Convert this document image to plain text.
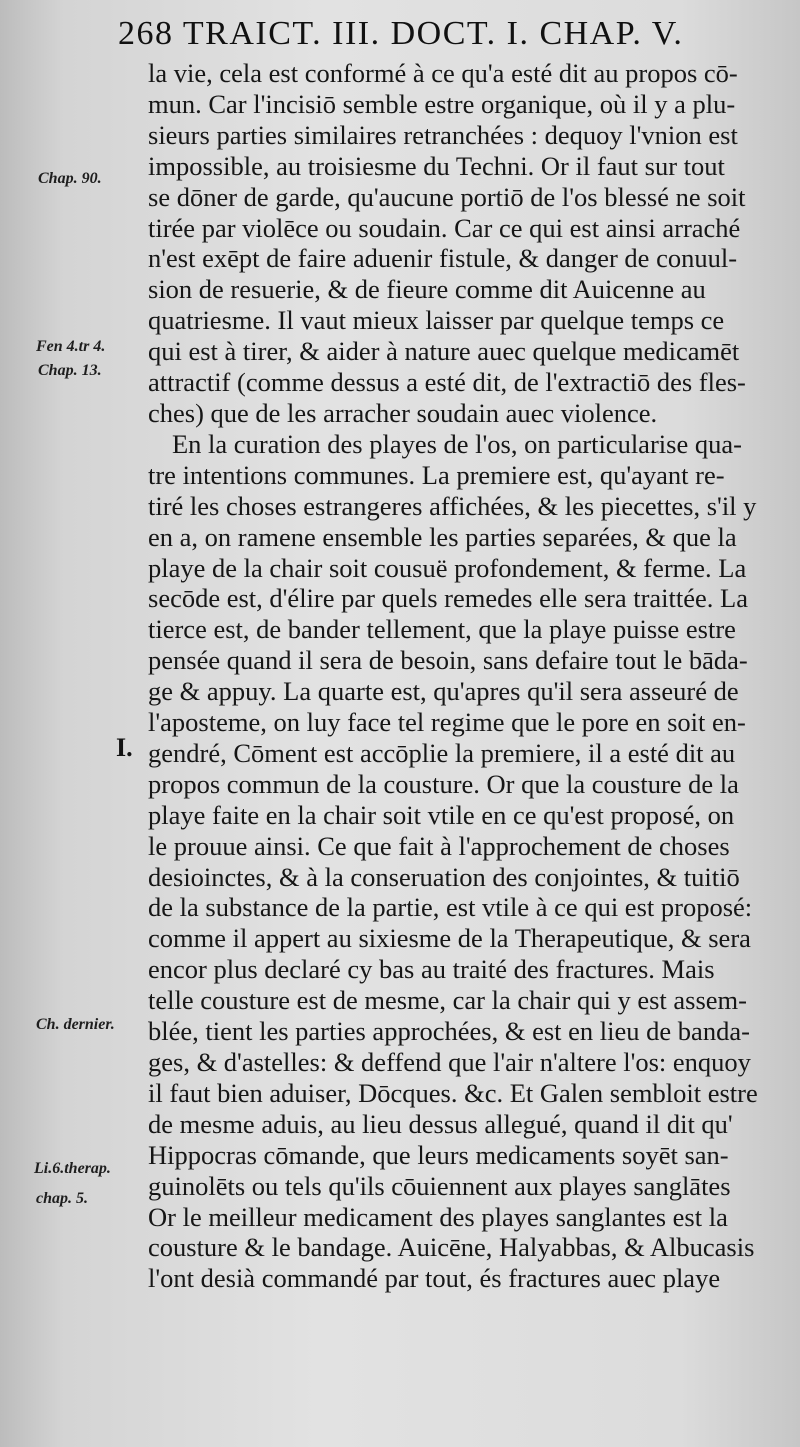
268 TRAICT. III. DOCT. I. CHAP. V.
Chap. 90.
Fen 4.tr 4.
Chap. 13.
Ch. dernier.
Li.6.therap.
chap. 5.
I.
la vie, cela est conformé à ce qu'a esté dit au propos cō-
mun. Car l'incisiō semble estre organique, où il y a plu-
sieurs parties similaires retranchées : dequoy l'vnion est
impossible, au troisiesme du Techni. Or il faut sur tout
se dōner de garde, qu'aucune portiō de l'os blessé ne soit
tirée par violēce ou soudain. Car ce qui est ainsi arraché
n'est exēpt de faire aduenir fistule, & danger de conuul-
sion de resuerie, & de fieure comme dit Auicenne au
quatriesme. Il vaut mieux laisser par quelque temps ce
qui est à tirer, & aider à nature auec quelque medicamēt
attractif (comme dessus a esté dit, de l'extractiō des fles-
ches) que de les arracher soudain auec violence.
En la curation des playes de l'os, on particularise qua-
tre intentions communes. La premiere est, qu'ayant re-
tiré les choses estrangeres affichées, & les piecettes, s'il y
en a, on ramene ensemble les parties separées, & que la
playe de la chair soit cousuë profondement, & ferme. La
secōde est, d'élire par quels remedes elle sera traittée. La
tierce est, de bander tellement, que la playe puisse estre
pensée quand il sera de besoin, sans defaire tout le bāda-
ge & appuy. La quarte est, qu'apres qu'il sera asseuré de
l'aposteme, on luy face tel regime que le pore en soit en-
gendré, Cōment est accōplie la premiere, il a esté dit au
propos commun de la cousture. Or que la cousture de la
playe faite en la chair soit vtile en ce qu'est proposé, on
le prouue ainsi. Ce que fait à l'approchement de choses
desioinctes, & à la conseruation des conjointes, & tuitiō
de la substance de la partie, est vtile à ce qui est proposé:
comme il appert au sixiesme de la Therapeutique, & sera
encor plus declaré cy bas au traité des fractures. Mais
telle cousture est de mesme, car la chair qui y est assem-
blée, tient les parties approchées, & est en lieu de banda-
ges, & d'astelles: & deffend que l'air n'altere l'os: enquoy
il faut bien aduiser, Dōcques. &c. Et Galen sembloit estre
de mesme aduis, au lieu dessus allegué, quand il dit qu'
Hippocras cōmande, que leurs medicaments soyēt san-
guinolēts ou tels qu'ils cōuiennent aux playes sanglātes
Or le meilleur medicament des playes sanglantes est la
cousture & le bandage. Auicēne, Halyabbas, & Albucasis
l'ont desià commandé par tout, és fractures auec playe
